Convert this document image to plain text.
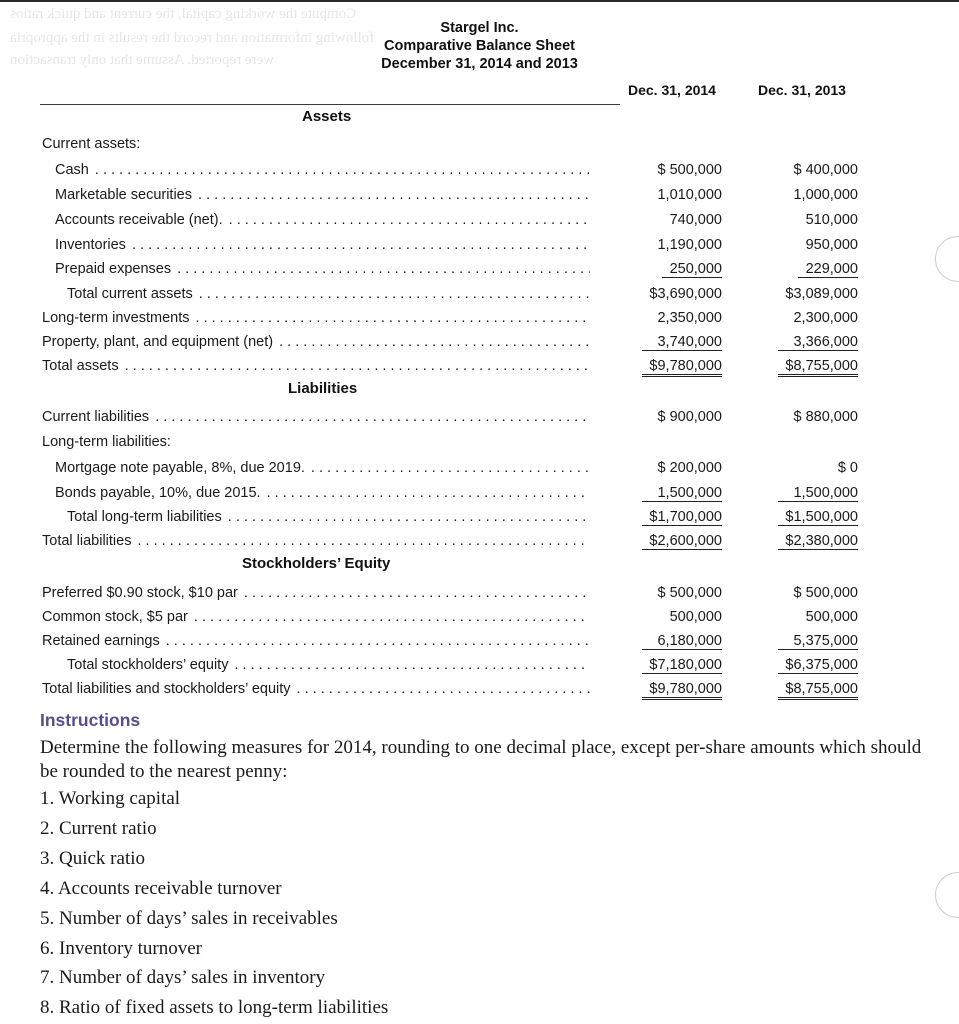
Compute the working capital, the current and quick ratios
following information and record the results in the appropria
were reported. Assume that only transaction
Stargel Inc.
Comparative Balance Sheet
December 31, 2014 and 2013
Dec. 31, 2014	Dec. 31, 2013
Assets
Liabilities
Stockholders’ Equity
Current assets:
Cash . . .	$ 500,000	$ 400,000
Marketable securities . . .	1,010,000	1,000,000
Accounts receivable (net). . . .	740,000	510,000
Inventories . . .	1,190,000	950,000
Prepaid expenses . . .	250,000	229,000
Total current assets . . .	$3,690,000	$3,089,000
Long-term investments . . .	2,350,000	2,300,000
Property, plant, and equipment (net) . . .	3,740,000	3,366,000
Total assets . . .	$9,780,000	$8,755,000
Current liabilities . . .	$ 900,000	$ 880,000
Long-term liabilities:
Mortgage note payable, 8%, due 2019. . . .	$ 200,000	$ 0
Bonds payable, 10%, due 2015. . . .	1,500,000	1,500,000
Total long-term liabilities . . .	$1,700,000	$1,500,000
Total liabilities . . .	$2,600,000	$2,380,000
Preferred $0.90 stock, $10 par . . .	$ 500,000	$ 500,000
Common stock, $5 par . . .	500,000	500,000
Retained earnings . . .	6,180,000	5,375,000
Total stockholders’ equity . . .	$7,180,000	$6,375,000
Total liabilities and stockholders’ equity . . .	$9,780,000	$8,755,000
Instructions
Determine the following measures for 2014, rounding to one decimal place, except per-share amounts which should be rounded to the nearest penny:
1. Working capital
2. Current ratio
3. Quick ratio
4. Accounts receivable turnover
5. Number of days’ sales in receivables
6. Inventory turnover
7. Number of days’ sales in inventory
8. Ratio of fixed assets to long-term liabilities
